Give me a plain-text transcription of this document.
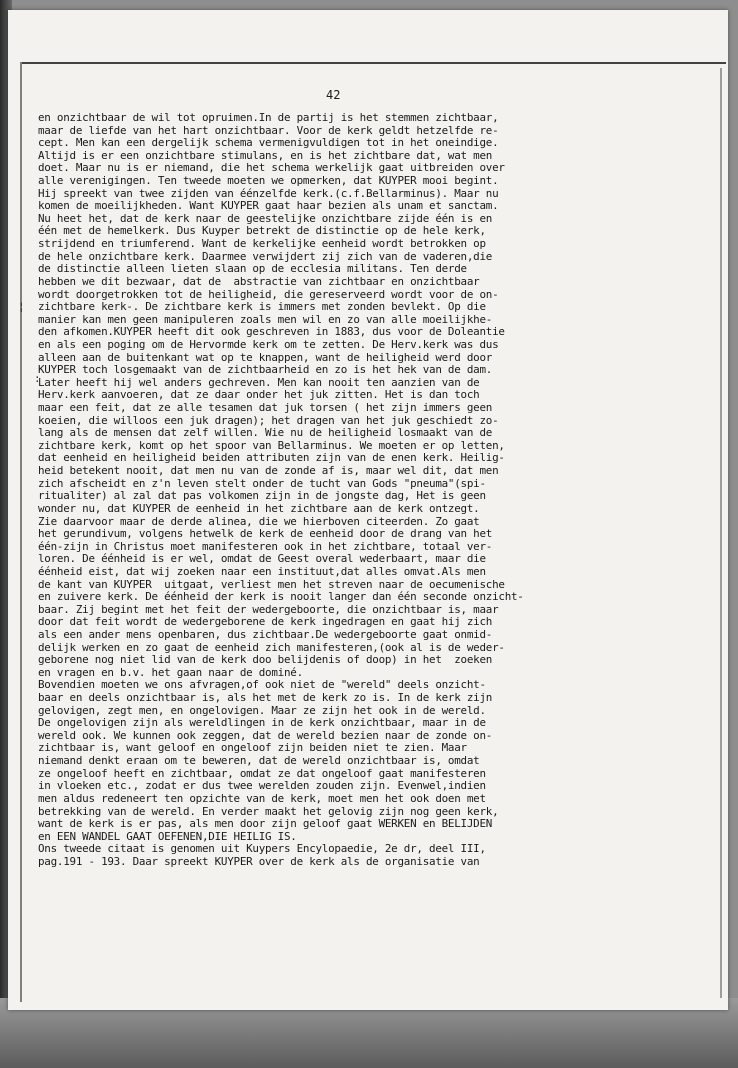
42
¦
:
en onzichtbaar de wil tot opruimen.In de partij is het stemmen zichtbaar,
maar de liefde van het hart onzichtbaar. Voor de kerk geldt hetzelfde re-
cept. Men kan een dergelijk schema vermenigvuldigen tot in het oneindige.
Altijd is er een onzichtbare stimulans, en is het zichtbare dat, wat men
doet. Maar nu is er niemand, die het schema werkelijk gaat uitbreiden over
alle verenigingen. Ten tweede moeten we opmerken, dat KUYPER mooi begint.
Hij spreekt van twee zijden van éénzelfde kerk.(c.f.Bellarminus). Maar nu
komen de moeilijkheden. Want KUYPER gaat haar bezien als unam et sanctam.
Nu heet het, dat de kerk naar de geestelijke onzichtbare zijde één is en
één met de hemelkerk. Dus Kuyper betrekt de distinctie op de hele kerk,
strijdend en triumferend. Want de kerkelijke eenheid wordt betrokken op
de hele onzichtbare kerk. Daarmee verwijdert zij zich van de vaderen,die
de distinctie alleen lieten slaan op de ecclesia militans. Ten derde
hebben we dit bezwaar, dat de  abstractie van zichtbaar en onzichtbaar
wordt doorgetrokken tot de heiligheid, die gereserveerd wordt voor de on-
zichtbare kerk-. De zichtbare kerk is immers met zonden bevlekt. Op die
manier kan men geen manipuleren zoals men wil en zo van alle moeilijkhe-
den afkomen.KUYPER heeft dit ook geschreven in 1883, dus voor de Doleantie
en als een poging om de Hervormde kerk om te zetten. De Herv.kerk was dus
alleen aan de buitenkant wat op te knappen, want de heiligheid werd door
KUYPER toch losgemaakt van de zichtbaarheid en zo is het hek van de dam.
Later heeft hij wel anders gechreven. Men kan nooit ten aanzien van de
Herv.kerk aanvoeren, dat ze daar onder het juk zitten. Het is dan toch
maar een feit, dat ze alle tesamen dat juk torsen ( het zijn immers geen
koeien, die willoos een juk dragen); het dragen van het juk geschiedt zo-
lang als de mensen dat zelf willen. Wie nu de heiligheid losmaakt van de
zichtbare kerk, komt op het spoor van Bellarminus. We moeten er op letten,
dat eenheid en heiligheid beiden attributen zijn van de enen kerk. Heilig-
heid betekent nooit, dat men nu van de zonde af is, maar wel dit, dat men
zich afscheidt en z'n leven stelt onder de tucht van Gods "pneuma"(spi-
ritualiter) al zal dat pas volkomen zijn in de jongste dag, Het is geen
wonder nu, dat KUYPER de eenheid in het zichtbare aan de kerk ontzegt.
Zie daarvoor maar de derde alinea, die we hierboven citeerden. Zo gaat
het gerundivum, volgens hetwelk de kerk de eenheid door de drang van het
één-zijn in Christus moet manifesteren ook in het zichtbare, totaal ver-
loren. De éénheid is er wel, omdat de Geest overal wederbaart, maar die
éénheid eist, dat wij zoeken naar een instituut,dat alles omvat.Als men
de kant van KUYPER  uitgaat, verliest men het streven naar de oecumenische
en zuivere kerk. De éénheid der kerk is nooit langer dan één seconde onzicht-
baar. Zij begint met het feit der wedergeboorte, die onzichtbaar is, maar
door dat feit wordt de wedergeborene de kerk ingedragen en gaat hij zich
als een ander mens openbaren, dus zichtbaar.De wedergeboorte gaat onmid-
delijk werken en zo gaat de eenheid zich manifesteren,(ook al is de weder-
geborene nog niet lid van de kerk doo belijdenis of doop) in het  zoeken
en vragen en b.v. het gaan naar de dominé.
Bovendien moeten we ons afvragen,of ook niet de "wereld" deels onzicht-
baar en deels onzichtbaar is, als het met de kerk zo is. In de kerk zijn
gelovigen, zegt men, en ongelovigen. Maar ze zijn het ook in de wereld.
De ongelovigen zijn als wereldlingen in de kerk onzichtbaar, maar in de
wereld ook. We kunnen ook zeggen, dat de wereld bezien naar de zonde on-
zichtbaar is, want geloof en ongeloof zijn beiden niet te zien. Maar
niemand denkt eraan om te beweren, dat de wereld onzichtbaar is, omdat
ze ongeloof heeft en zichtbaar, omdat ze dat ongeloof gaat manifesteren
in vloeken etc., zodat er dus twee werelden zouden zijn. Evenwel,indien
men aldus redeneert ten opzichte van de kerk, moet men het ook doen met
betrekking van de wereld. En verder maakt het gelovig zijn nog geen kerk,
want de kerk is er pas, als men door zijn geloof gaat WERKEN en BELIJDEN
en EEN WANDEL GAAT OEFENEN,DIE HEILIG IS.
Ons tweede citaat is genomen uit Kuypers Encylopaedie, 2e dr, deel III,
pag.191 - 193. Daar spreekt KUYPER over de kerk als de organisatie van
